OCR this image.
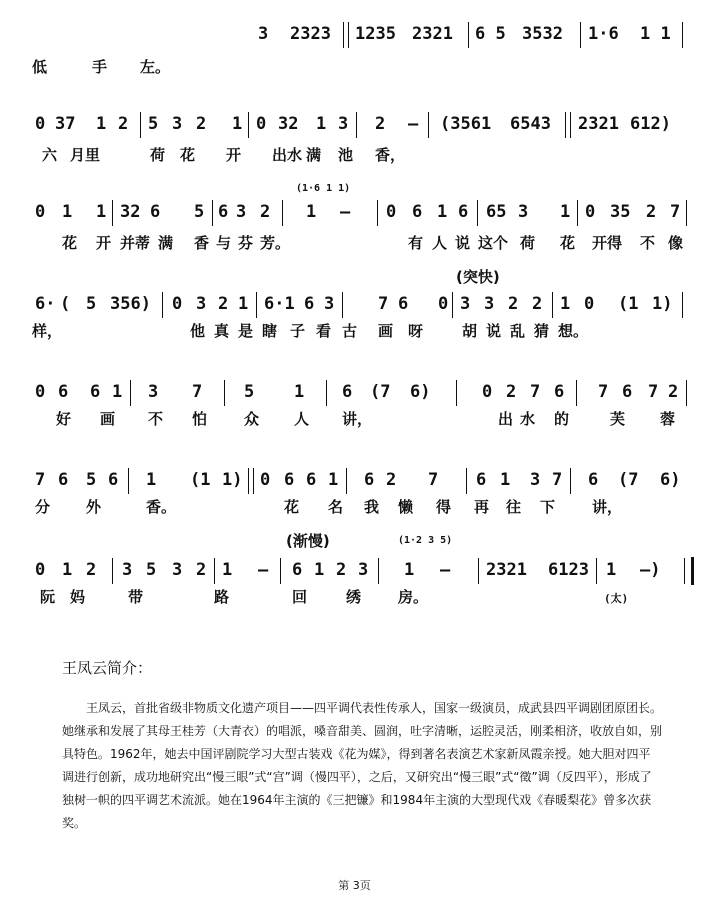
3 2323 1235 2321 6 5 3532 1·6 1 1
低	手 左。
0 37 1 2 5 3 2 1 0 32 1 3 2 – (3561 6543 2321 612)
六 月里	荷 花 开 出水 满 池 香，
(1·6 1 1)
0 1 1 32 6 5 6 3 2 1 – 0 6 1 6 65 3 1 0 35 2 7
花 开 并蒂 满 香 与 芬 芳。	有 人 说 这个 荷 花 开得 不 像
(突快)
6· ( 5 356) 0 3 2 1 6·1 6 3	7 6 0 3 3 2 2 1 0 (1 1)
样，	他 真 是 瞎 子 看 古 画 呀	胡 说 乱 猜 想。
0 6 6 1 3 7 5 1 6 (7 6)	0 2 7 6 7 6 7 2
好 画 不 怕 众 人 讲，	出 水 的	芙 蓉
7 6 5 6 1 (1 1) 0 6 6 1 6 2 7 6 1 3 7 6 (7 6)
分 外	香。	花 名 我 懒 得 再 往 下 讲，
(渐慢)	(1·2 3 5)
0 1 2 3 5 3 2 1 – 6 1 2 3 1 – 2321 6123 1 –)
阮 妈	带	路	回	绣 房。	(太)
王凤云简介：
王凤云，首批省级非物质文化遗产项目——四平调代表性传承人，国家一级演员，成武县四平调剧团原团长。她继承和发展了其母王桂芳（大青衣）的唱派，嗓音甜美、圆润，吐字清晰，运腔灵活，刚柔相济，收放自如，别具特色。1962年，她去中国评剧院学习大型古装戏《花为媒》，得到著名表演艺术家新凤霞亲授。她大胆对四平调进行创新，成功地研究出“慢三眼”式“宫”调（慢四平），之后，又研究出“慢三眼”式“徵”调（反四平），形成了独树一帜的四平调艺术流派。她在1964年主演的《三把镰》和1984年主演的大型现代戏《春暖梨花》曾多次获奖。
第 3页
